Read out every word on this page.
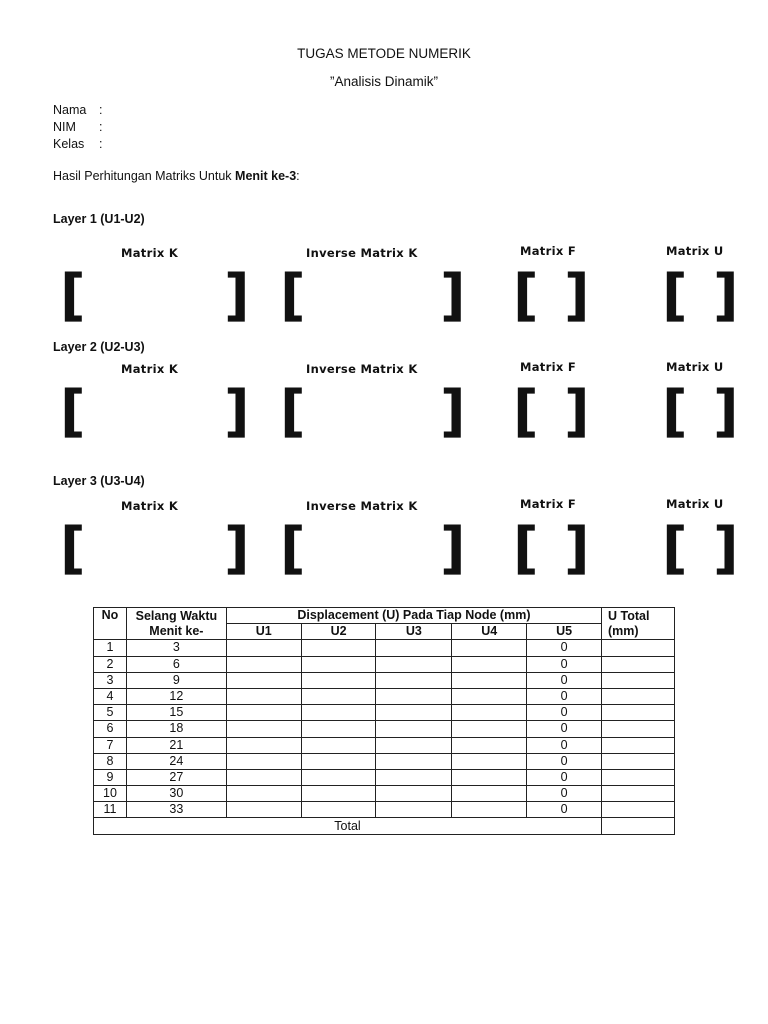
TUGAS METODE NUMERIK
”Analisis Dinamik”
Nama :
NIM :
Kelas :
Hasil Perhitungan Matriks Untuk Menit ke-3:
Layer 1 (U1-U2)
Matrix K	Inverse Matrix K	Matrix F	Matrix U
[ ] [ ] [ ] [ ]
Layer 2 (U2-U3)
Matrix K	Inverse Matrix K	Matrix F	Matrix U
[ ] [ ] [ ] [ ]
Layer 3 (U3-U4)
Matrix K	Inverse Matrix K	Matrix F	Matrix U
[ ] [ ] [ ] [ ]
No	Selang Waktu Menit ke-	Displacement (U) Pada Tiap Node (mm)					U Total (mm)
		U1	U2	U3	U4	U5	
1	3					0	
2	6					0	
3	9					0	
4	12					0	
5	15					0	
6	18					0	
7	21					0	
8	24					0	
9	27					0	
10	30					0	
11	33					0	
Total							
